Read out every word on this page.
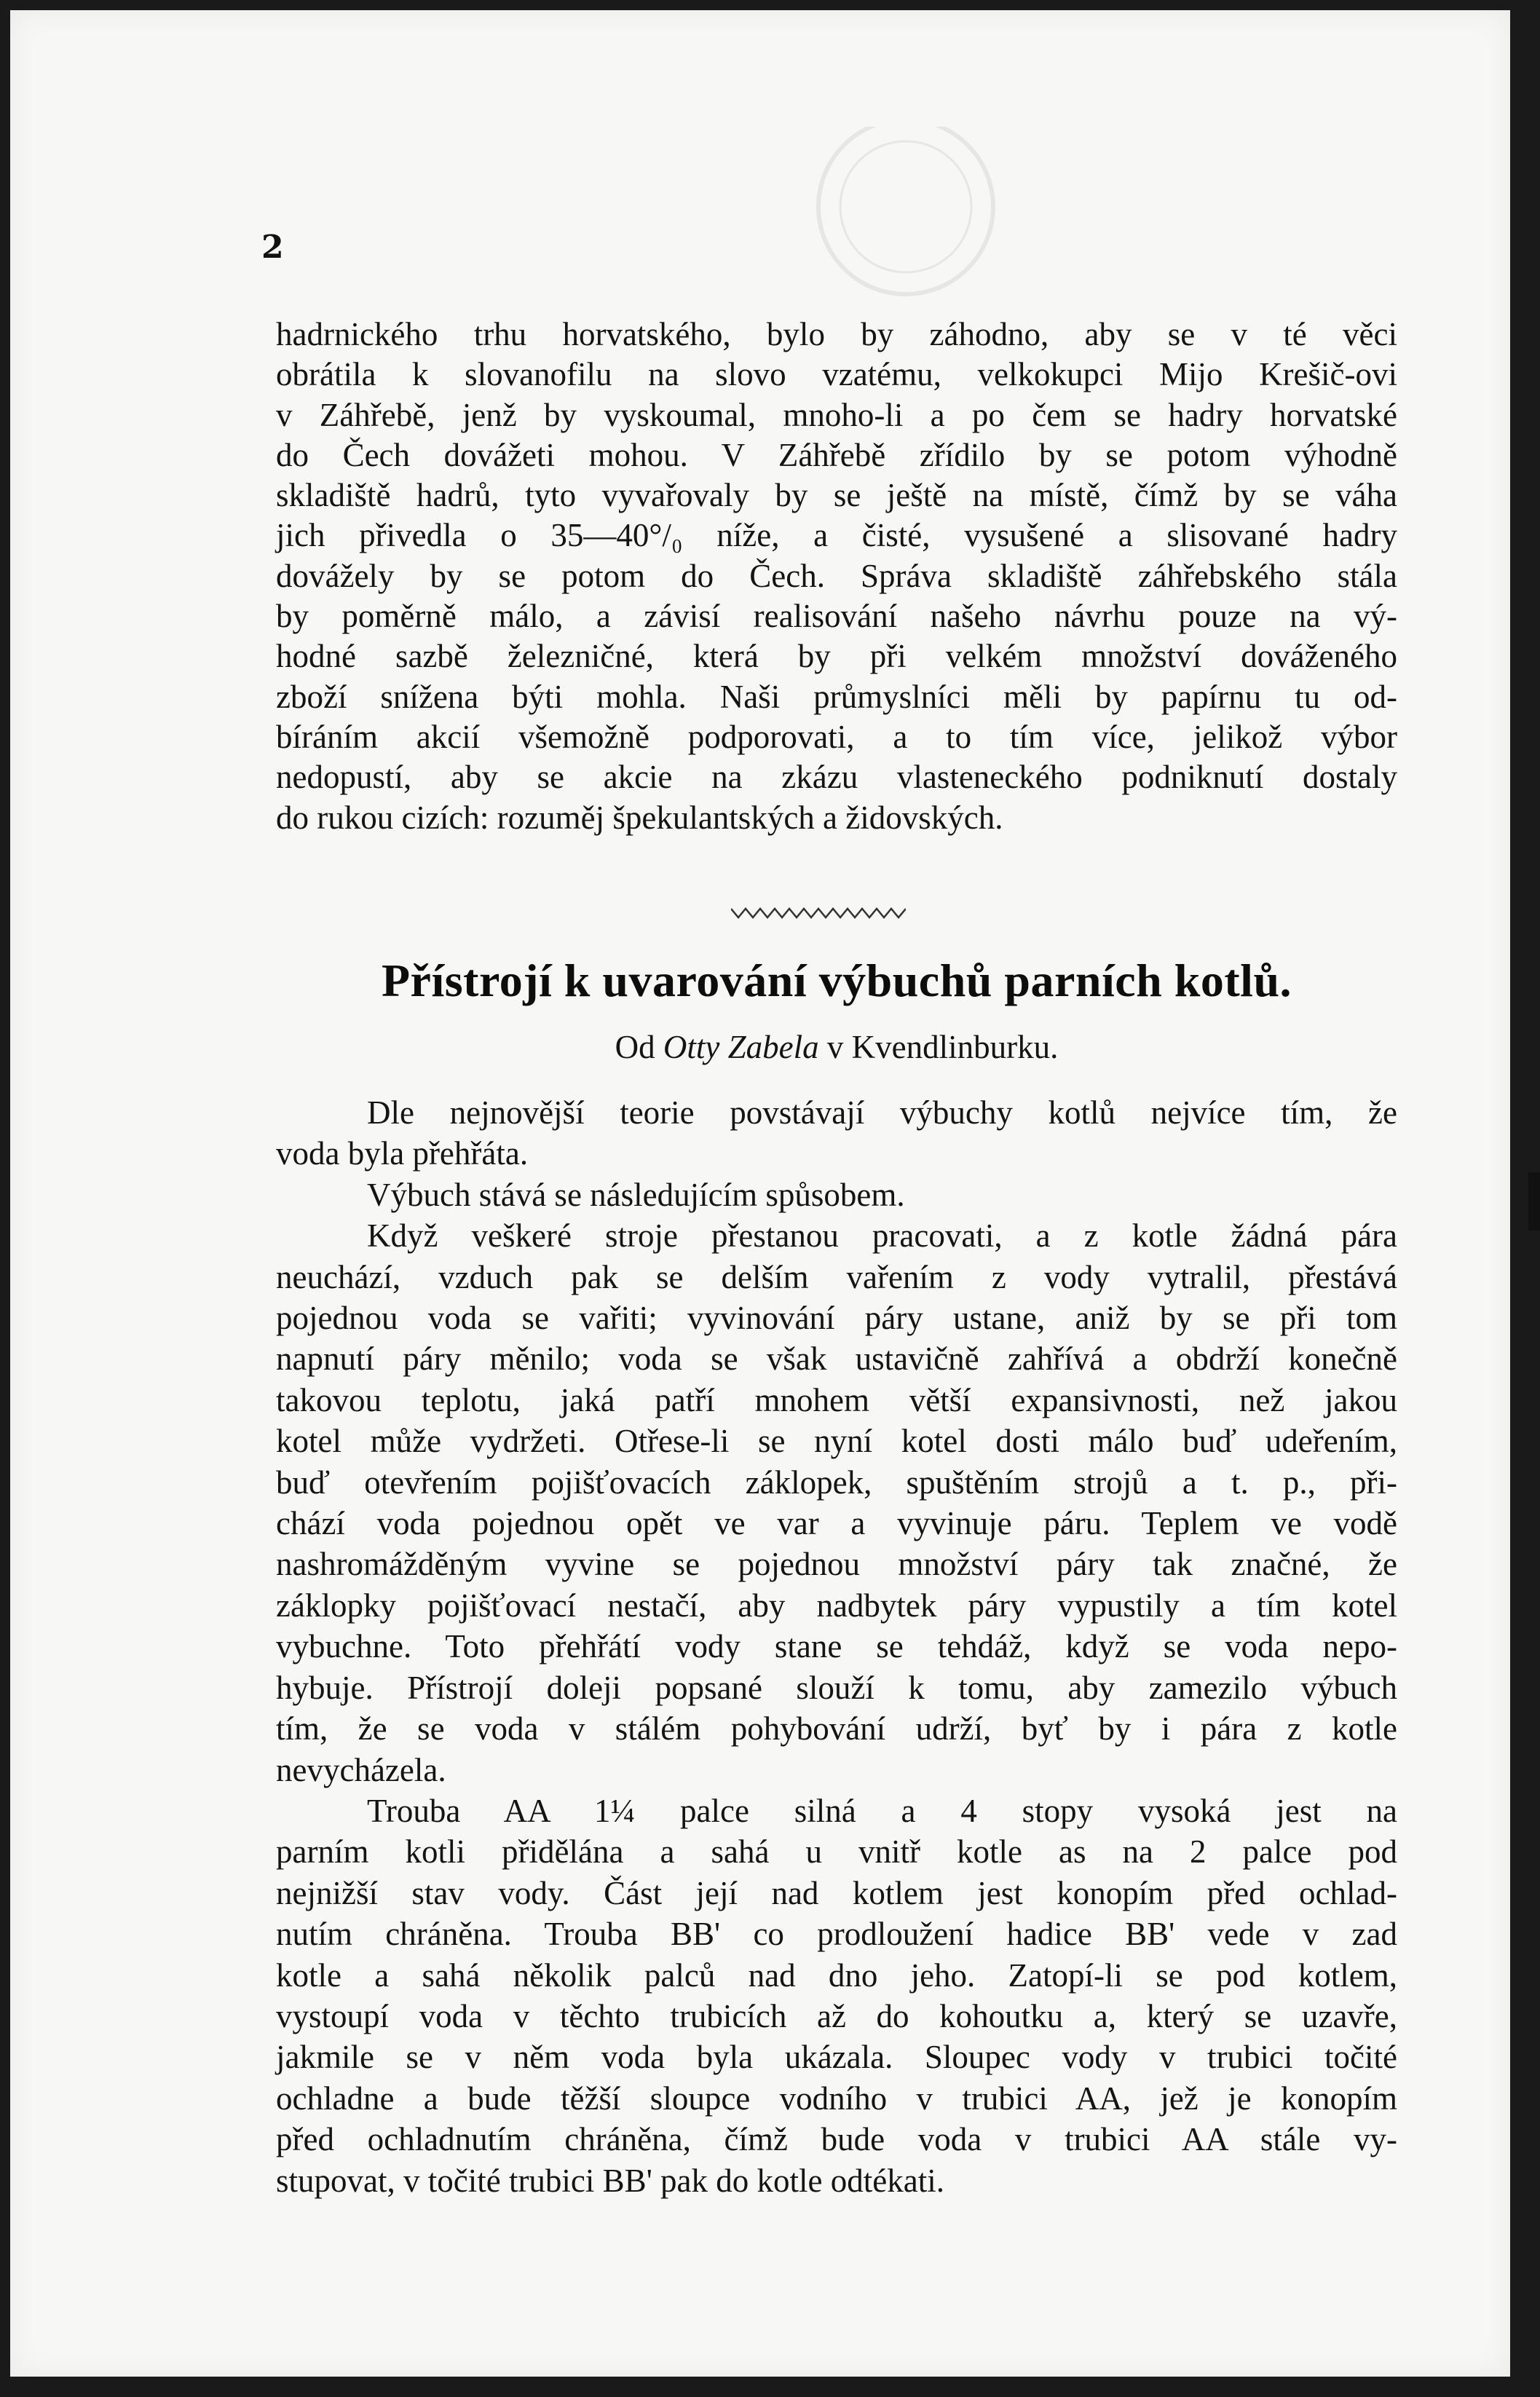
2
hadrnického trhu horvatského, bylo by záhodno, aby se v té věci
obrátila k slovanofilu na slovo vzatému, velkokupci Mijo Krešič-ovi
v Záhřebě, jenž by vyskoumal, mnoho-li a po čem se hadry horvatské
do Čech dovážeti mohou. V Záhřebě zřídilo by se potom výhodně
skladiště hadrů, tyto vyvařovaly by se ještě na místě, čímž by se váha
jich přivedla o 35—40°/₀ níže, a čisté, vysušené a slisované hadry
dovážely by se potom do Čech. Správa skladiště záhřebského stála
by poměrně málo, a závisí realisování našeho návrhu pouze na vý-
hodné sazbě železničné, která by při velkém množství dováženého
zboží snížena býti mohla. Naši průmyslníci měli by papírnu tu od-
bíráním akcií všemožně podporovati, a to tím více, jelikož výbor
nedopustí, aby se akcie na zkázu vlasteneckého podniknutí dostaly
do rukou cizích: rozuměj špekulantských a židovských.
Přístrojí k uvarování výbuchů parních kotlů.
Od Otty Zabela v Kvendlinburku.
Dle nejnovější teorie povstávají výbuchy kotlů nejvíce tím, že
voda byla přehřáta.
Výbuch stává se následujícím spůsobem.
Když veškeré stroje přestanou pracovati, a z kotle žádná pára
neuchází, vzduch pak se delším vařením z vody vytralil, přestává
pojednou voda se vařiti; vyvinování páry ustane, aniž by se při tom
napnutí páry měnilo; voda se však ustavičně zahřívá a obdrží konečně
takovou teplotu, jaká patří mnohem větší expansivnosti, než jakou
kotel může vydržeti. Otřese-li se nyní kotel dosti málo buď udeřením,
buď otevřením pojišťovacích záklopek, spuštěním strojů a t. p., při-
chází voda pojednou opět ve var a vyvinuje páru. Teplem ve vodě
nashromážděným vyvine se pojednou množství páry tak značné, že
záklopky pojišťovací nestačí, aby nadbytek páry vypustily a tím kotel
vybuchne. Toto přehřátí vody stane se tehdáž, když se voda nepo-
hybuje. Přístrojí doleji popsané slouží k tomu, aby zamezilo výbuch
tím, že se voda v stálém pohybování udrží, byť by i pára z kotle
nevycházela.
Trouba AA 1¼ palce silná a 4 stopy vysoká jest na
parním kotli přidělána a sahá u vnitř kotle as na 2 palce pod
nejnižší stav vody. Část její nad kotlem jest konopím před ochlad-
nutím chráněna. Trouba BB' co prodloužení hadice BB' vede v zad
kotle a sahá několik palců nad dno jeho. Zatopí-li se pod kotlem,
vystoupí voda v těchto trubicích až do kohoutku a, který se uzavře,
jakmile se v něm voda byla ukázala. Sloupec vody v trubici točité
ochladne a bude těžší sloupce vodního v trubici AA, jež je konopím
před ochladnutím chráněna, čímž bude voda v trubici AA stále vy-
stupovat, v točité trubici BB' pak do kotle odtékati.
